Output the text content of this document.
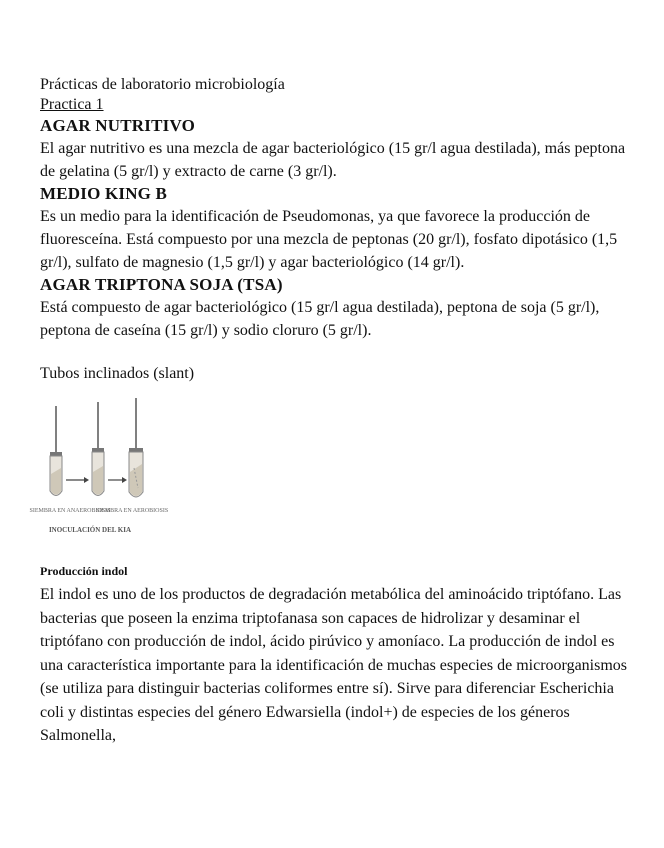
Prácticas de laboratorio microbiología

Practica 1

AGAR NUTRITIVO

El agar nutritivo es una mezcla de agar bacteriológico (15 gr/l agua destilada), más peptona de gelatina (5 gr/l) y extracto de carne (3 gr/l).

MEDIO KING B

Es un medio para la identificación de Pseudomonas, ya que favorece la producción de fluoresceína. Está compuesto por una mezcla de peptonas (20 gr/l), fosfato dipotásico (1,5 gr/l), sulfato de magnesio (1,5 gr/l) y agar bacteriológico (14 gr/l).

AGAR TRIPTONA SOJA (TSA)

Está compuesto de agar bacteriológico (15 gr/l agua destilada), peptona de soja (5 gr/l), peptona de caseína (15 gr/l) y sodio cloruro (5 gr/l).

Tubos inclinados (slant)

SIEMBRA EN ANAEROBIOSIS
SIEMBRA EN AEROBIOSIS
INOCULACIÓN DEL KIA

Producción indol

El indol es uno de los productos de degradación metabólica del aminoácido triptófano. Las bacterias que poseen la enzima triptofanasa son capaces de hidrolizar y desaminar el triptófano con producción de indol, ácido pirúvico y amoníaco. La producción de indol es una característica importante para la identificación de muchas especies de microorganismos (se utiliza para distinguir bacterias coliformes entre sí). Sirve para diferenciar Escherichia coli y distintas especies del género Edwarsiella (indol+) de especies de los géneros Salmonella,
